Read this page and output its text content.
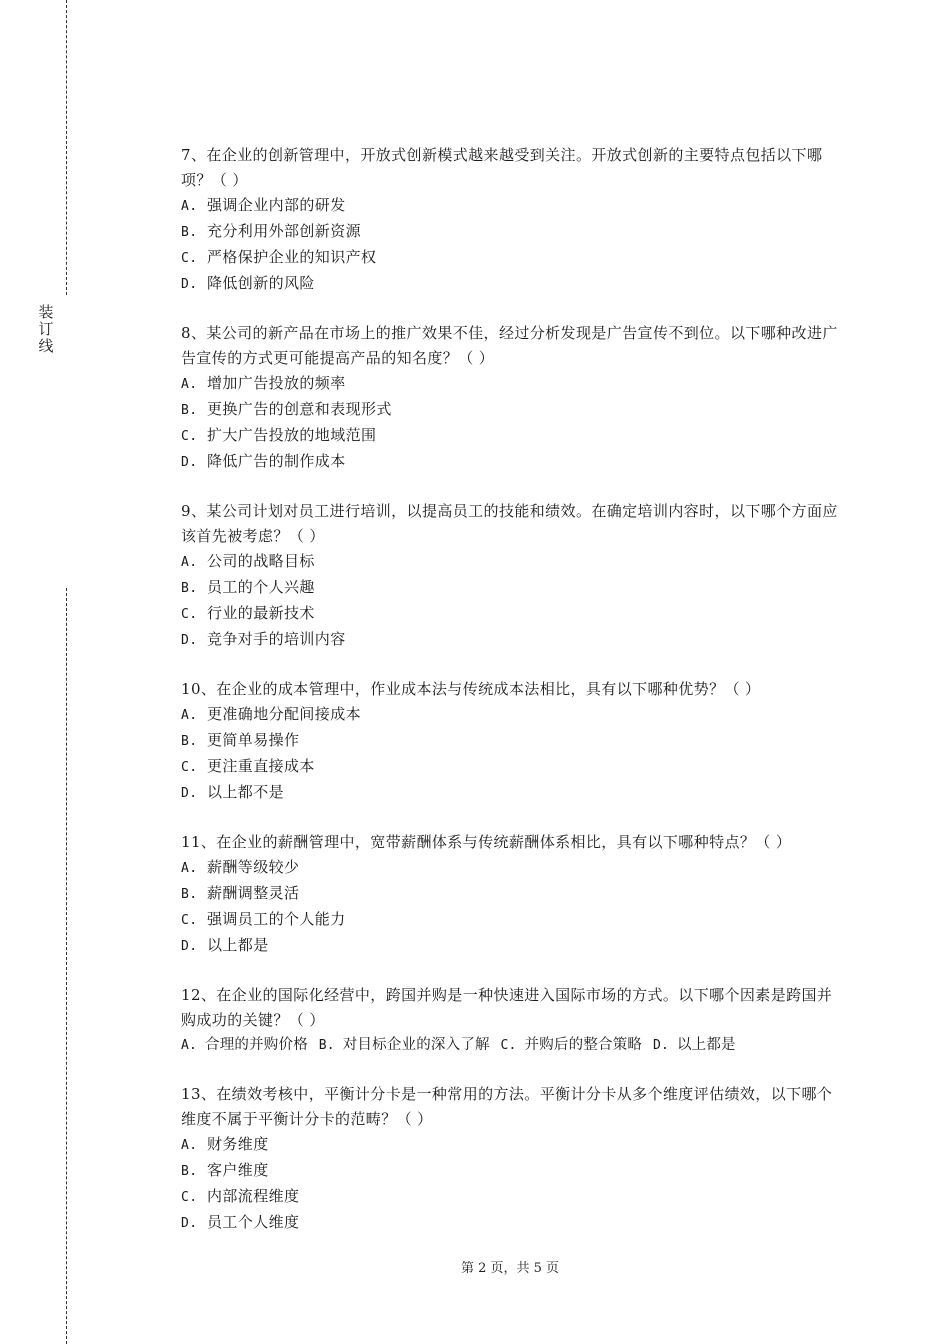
装
订
线
7、在企业的创新管理中，开放式创新模式越来越受到关注。开放式创新的主要特点包括以下哪项？（ ）
A. 强调企业内部的研发
B. 充分利用外部创新资源
C. 严格保护企业的知识产权
D. 降低创新的风险
8、某公司的新产品在市场上的推广效果不佳，经过分析发现是广告宣传不到位。以下哪种改进广告宣传的方式更可能提高产品的知名度？（ ）
A. 增加广告投放的频率
B. 更换广告的创意和表现形式
C. 扩大广告投放的地域范围
D. 降低广告的制作成本
9、某公司计划对员工进行培训，以提高员工的技能和绩效。在确定培训内容时，以下哪个方面应该首先被考虑？（ ）
A. 公司的战略目标
B. 员工的个人兴趣
C. 行业的最新技术
D. 竞争对手的培训内容
10、在企业的成本管理中，作业成本法与传统成本法相比，具有以下哪种优势？（ ）
A. 更准确地分配间接成本
B. 更简单易操作
C. 更注重直接成本
D. 以上都不是
11、在企业的薪酬管理中，宽带薪酬体系与传统薪酬体系相比，具有以下哪种特点？（ ）
A. 薪酬等级较少
B. 薪酬调整灵活
C. 强调员工的个人能力
D. 以上都是
12、在企业的国际化经营中，跨国并购是一种快速进入国际市场的方式。以下哪个因素是跨国并购成功的关键？（ ）
A. 合理的并购价格 B. 对目标企业的深入了解 C. 并购后的整合策略 D. 以上都是
13、在绩效考核中，平衡计分卡是一种常用的方法。平衡计分卡从多个维度评估绩效，以下哪个维度不属于平衡计分卡的范畴？（ ）
A. 财务维度
B. 客户维度
C. 内部流程维度
D. 员工个人维度
第 2 页，共 5 页
